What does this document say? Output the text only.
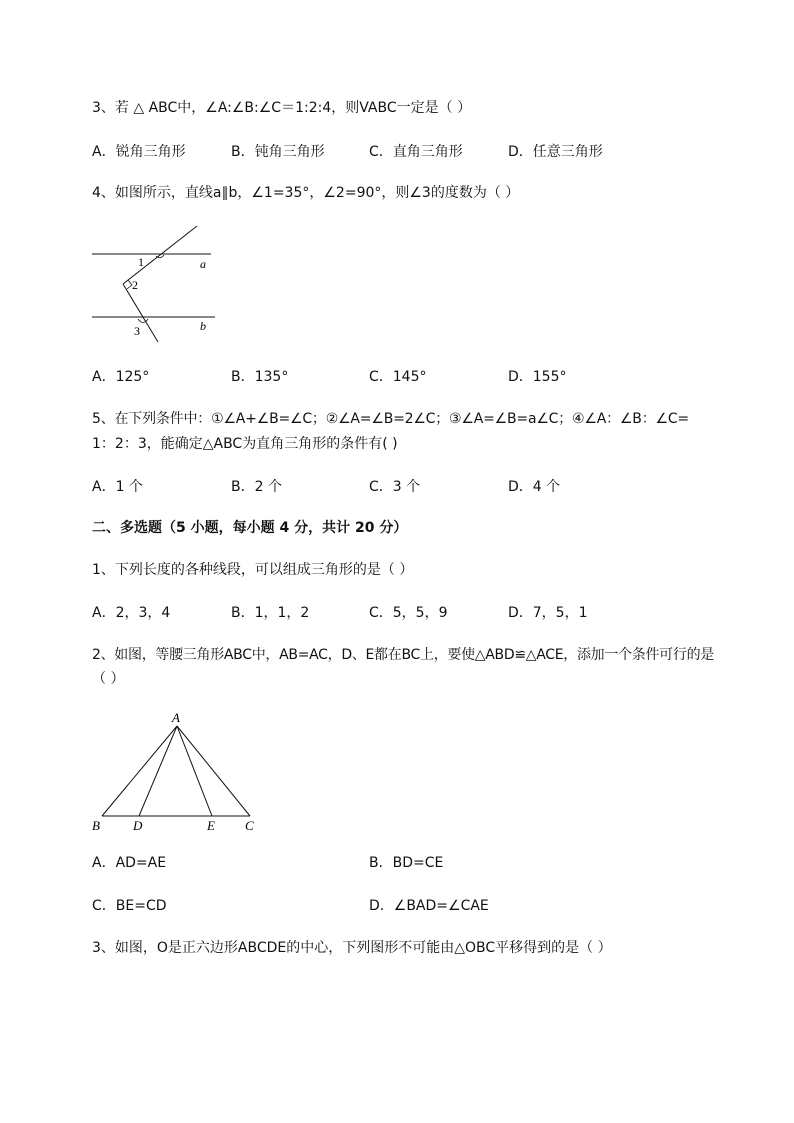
3、若 △ ABC中，∠A:∠B:∠C＝1:2:4，则VABC一定是（ ）
A．锐角三角形	B．钝角三角形	C．直角三角形	D．任意三角形
4、如图所示，直线a∥b，∠1=35°，∠2=90°，则∠3的度数为（ ）
1
2
3
a
b
A．125°	B．135°	C．145°	D．155°
5、在下列条件中：①∠A+∠B=∠C；②∠A=∠B=2∠C；③∠A=∠B=a∠C；④∠A：∠B：∠C=
1：2：3，能确定△ABC为直角三角形的条件有( )
A．1 个	B．2 个	C．3 个	D．4 个
二、多选题（5 小题，每小题 4 分，共计 20 分）
1、下列长度的各种线段，可以组成三角形的是（ ）
A．2，3，4	B．1，1，2	C．5，5，9	D．7，5，1
2、如图，等腰三角形ABC中，AB=AC，D、E都在BC上，要使△ABD≌△ACE，添加一个条件可行的是
（ ）
A
B	D	E C
A．AD=AE	B．BD=CE
C．BE=CD	D．∠BAD=∠CAE
3、如图，O是正六边形ABCDE的中心，下列图形不可能由△OBC平移得到的是（ ）
